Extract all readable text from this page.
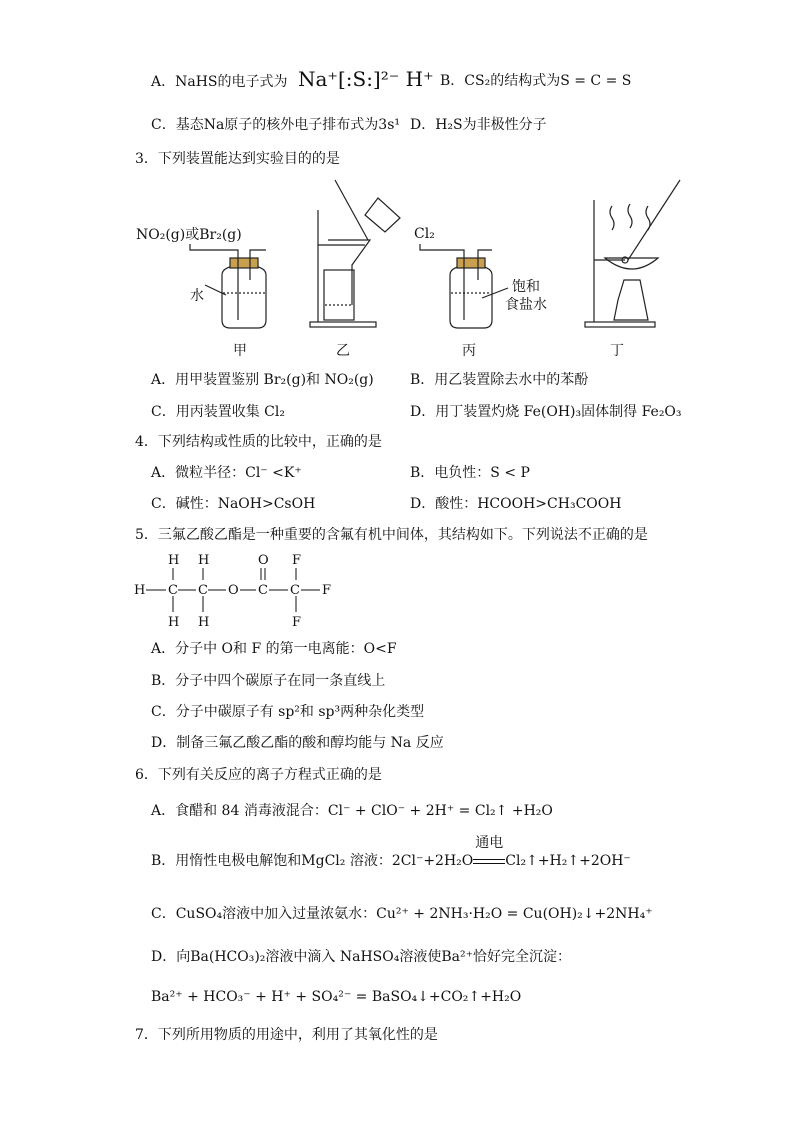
A．NaHS的电子式为 Na⁺[:S:]²⁻ H⁺ B．CS₂的结构式为S = C = S
C．基态Na原子的核外电子排布式为3s¹ D．H₂S为非极性分子
3．下列装置能达到实验目的的是
NO₂(g)或Br₂(g)
水
Cl₂
饱和
食盐水
甲	乙	丙	丁
A．用甲装置鉴别 Br₂(g)和 NO₂(g)	B．用乙装置除去水中的苯酚
C．用丙装置收集 Cl₂	D．用丁装置灼烧 Fe(OH)₃固体制得 Fe₂O₃
4．下列结构或性质的比较中，正确的是
A．微粒半径：Cl⁻ <K⁺	B．电负性：S < P
C．碱性：NaOH>CsOH	D．酸性：HCOOH>CH₃COOH
5．三氟乙酸乙酯是一种重要的含氟有机中间体，其结构如下。下列说法不正确的是
H C C O C C F
H H
H H
O F
F
A．分子中 O和 F 的第一电离能：O<F
B．分子中四个碳原子在同一条直线上
C．分子中碳原子有 sp²和 sp³两种杂化类型
D．制备三氟乙酸乙酯的酸和醇均能与 Na 反应
6．下列有关反应的离子方程式正确的是
A．食醋和 84 消毒液混合：Cl⁻ + ClO⁻ + 2H⁺ = Cl₂↑ +H₂O
B．用惰性电极电解饱和MgCl₂ 溶液：2Cl⁻+2H₂O
通电
Cl₂↑+H₂↑+2OH⁻
C．CuSO₄溶液中加入过量浓氨水：Cu²⁺ + 2NH₃·H₂O = Cu(OH)₂↓+2NH₄⁺
D．向Ba(HCO₃)₂溶液中滴入 NaHSO₄溶液使Ba²⁺恰好完全沉淀：
Ba²⁺ + HCO₃⁻ + H⁺ + SO₄²⁻ = BaSO₄↓+CO₂↑+H₂O
7．下列所用物质的用途中，利用了其氧化性的是
